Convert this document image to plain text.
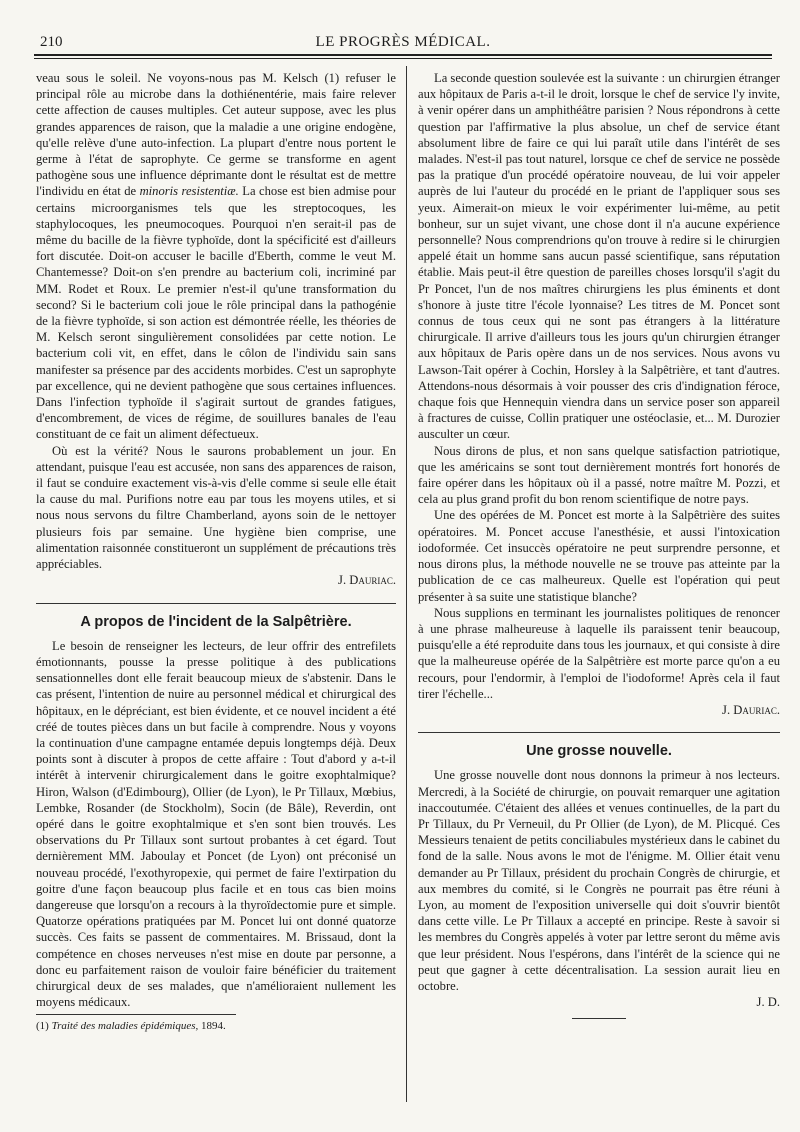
210	LE PROGRÈS MÉDICAL.

veau sous le soleil. Ne voyons-nous pas M. Kelsch (1) refuser le principal rôle au microbe dans la dothiénentérie, mais faire relever cette affection de causes multiples. Cet auteur suppose, avec les plus grandes apparences de raison, que la maladie a une origine endogène, qu'elle relève d'une auto-infection. La plupart d'entre nous portent le germe à l'état de saprophyte. Ce germe se transforme en agent pathogène sous une influence déprimante dont le résultat est de mettre l'individu en état de minoris resistentiæ. La chose est bien admise pour certains microorganismes tels que les streptocoques, les staphylocoques, les pneumocoques. Pourquoi n'en serait-il pas de même du bacille de la fièvre typhoïde, dont la spécificité est d'ailleurs fort discutée. Doit-on accuser le bacille d'Eberth, comme le veut M. Chantemesse? Doit-on s'en prendre au bacterium coli, incriminé par MM. Rodet et Roux. Le premier n'est-il qu'une transformation du second? Si le bacterium coli joue le rôle principal dans la pathogénie de la fièvre typhoïde, si son action est démontrée réelle, les théories de M. Kelsch seront singulièrement consolidées par cette notion. Le bacterium coli vit, en effet, dans le côlon de l'individu sain sans manifester sa présence par des accidents morbides. C'est un saprophyte par excellence, qui ne devient pathogène que sous certaines influences. Dans l'infection typhoïde il s'agirait surtout de grandes fatigues, d'encombrement, de vices de régime, de souillures banales de l'eau constituant de ce fait un aliment défectueux.

Où est la vérité? Nous le saurons probablement un jour. En attendant, puisque l'eau est accusée, non sans des apparences de raison, il faut se conduire exactement vis-à-vis d'elle comme si seule elle était la cause du mal. Purifions notre eau par tous les moyens utiles, et si nous nous servons du filtre Chamberland, ayons soin de le nettoyer plusieurs fois par semaine. Une hygiène bien comprise, une alimentation raisonnée constitueront un supplément de précautions très appréciables.

J. Dauriac.
A propos de l'incident de la Salpêtrière.

Le besoin de renseigner les lecteurs, de leur offrir des entrefilets émotionnants, pousse la presse politique à des publications sensationnelles dont elle ferait beaucoup mieux de s'abstenir. Dans le cas présent, l'intention de nuire au personnel médical et chirurgical des hôpitaux, en le dépréciant, est bien évidente, et ce nouvel incident a été créé de toutes pièces dans un but facile à comprendre. Nous y voyons la continuation d'une campagne entamée depuis longtemps déjà. Deux points sont à discuter à propos de cette affaire : Tout d'abord y a-t-il intérêt à intervenir chirurgicalement dans le goitre exophtalmique? Hiron, Walson (d'Edimbourg), Ollier (de Lyon), le Pr Tillaux, Mœbius, Lembke, Rosander (de Stockholm), Socin (de Bâle), Reverdin, ont opéré dans le goitre exophtalmique et s'en sont bien trouvés. Les observations du Pr Tillaux sont surtout probantes à cet égard. Tout dernièrement MM. Jaboulay et Poncet (de Lyon) ont préconisé un nouveau procédé, l'exothyropexie, qui permet de faire l'extirpation du goitre d'une façon beaucoup plus facile et en tous cas bien moins dangereuse que lorsqu'on a recours à la thyroïdectomie pure et simple. Quatorze opérations pratiquées par M. Poncet lui ont donné quatorze succès. Ces faits se passent de commentaires. M. Brissaud, dont la compétence en choses nerveuses n'est mise en doute par personne, a donc eu parfaitement raison de vouloir faire bénéficier du traitement chirurgical deux de ses malades, que n'amélioraient nullement les moyens médicaux.

(1) Traité des maladies épidémiques, 1894.

La seconde question soulevée est la suivante : un chirurgien étranger aux hôpitaux de Paris a-t-il le droit, lorsque le chef de service l'y invite, à venir opérer dans un amphithéâtre parisien ? Nous répondrons à cette question par l'affirmative la plus absolue, un chef de service étant absolument libre de faire ce qui lui paraît utile dans l'intérêt de ses malades. N'est-il pas tout naturel, lorsque ce chef de service ne possède pas la pratique d'un procédé opératoire nouveau, de lui voir appeler auprès de lui l'auteur du procédé en le priant de l'appliquer sous ses yeux. Aimerait-on mieux le voir expérimenter lui-même, au petit bonheur, sur un sujet vivant, une chose dont il n'a aucune expérience personnelle? Nous comprendrions qu'on trouve à redire si le chirurgien appelé était un homme sans aucun passé scientifique, sans réputation établie. Mais peut-il être question de pareilles choses lorsqu'il s'agit du Pr Poncet, l'un de nos maîtres chirurgiens les plus éminents et dont s'honore à juste titre l'école lyonnaise? Les titres de M. Poncet sont connus de tous ceux qui ne sont pas étrangers à la littérature chirurgicale. Il arrive d'ailleurs tous les jours qu'un chirurgien étranger aux hôpitaux de Paris opère dans un de nos services. Nous avons vu Lawson-Tait opérer à Cochin, Horsley à la Salpêtrière, et tant d'autres. Attendons-nous désormais à voir pousser des cris d'indignation féroce, chaque fois que Hennequin viendra dans un service poser son appareil à fractures de cuisse, Collin pratiquer une ostéoclasie, et... M. Durozier ausculter un cœur.

Nous dirons de plus, et non sans quelque satisfaction patriotique, que les américains se sont tout dernièrement montrés fort honorés de faire opérer dans les hôpitaux où il a passé, notre maître M. Pozzi, et cela au plus grand profit du bon renom scientifique de notre pays.

Une des opérées de M. Poncet est morte à la Salpêtrière des suites opératoires. M. Poncet accuse l'anesthésie, et aussi l'intoxication iodoformée. Cet insuccès opératoire ne peut surprendre personne, et nous dirons plus, la méthode nouvelle ne se trouve pas atteinte par la publication de ce cas malheureux. Quelle est l'opération qui peut présenter à sa suite une statistique blanche?

Nous supplions en terminant les journalistes politiques de renoncer à une phrase malheureuse à laquelle ils paraissent tenir beaucoup, puisqu'elle a été reproduite dans tous les journaux, et qui consiste à dire que la malheureuse opérée de la Salpêtrière est morte parce qu'on a eu recours, pour l'endormir, à l'emploi de l'iodoforme! Après cela il faut tirer l'échelle...

J. Dauriac.
Une grosse nouvelle.

Une grosse nouvelle dont nous donnons la primeur à nos lecteurs. Mercredi, à la Société de chirurgie, on pouvait remarquer une agitation inaccoutumée. C'étaient des allées et venues continuelles, de la part du Pr Tillaux, du Pr Verneuil, du Pr Ollier (de Lyon), de M. Plicqué. Ces Messieurs tenaient de petits conciliabules mystérieux dans le cabinet du fond de la salle. Nous avons le mot de l'énigme. M. Ollier était venu demander au Pr Tillaux, président du prochain Congrès de chirurgie, et aux membres du comité, si le Congrès ne pourrait pas être réuni à Lyon, au moment de l'exposition universelle qui doit s'ouvrir bientôt dans cette ville. Le Pr Tillaux a accepté en principe. Reste à savoir si les membres du Congrès appelés à voter par lettre seront du même avis que leur président. Nous l'espérons, dans l'intérêt de la science qui ne peut que gagner à cette décentralisation. La session aurait lieu en octobre.

J. D.
